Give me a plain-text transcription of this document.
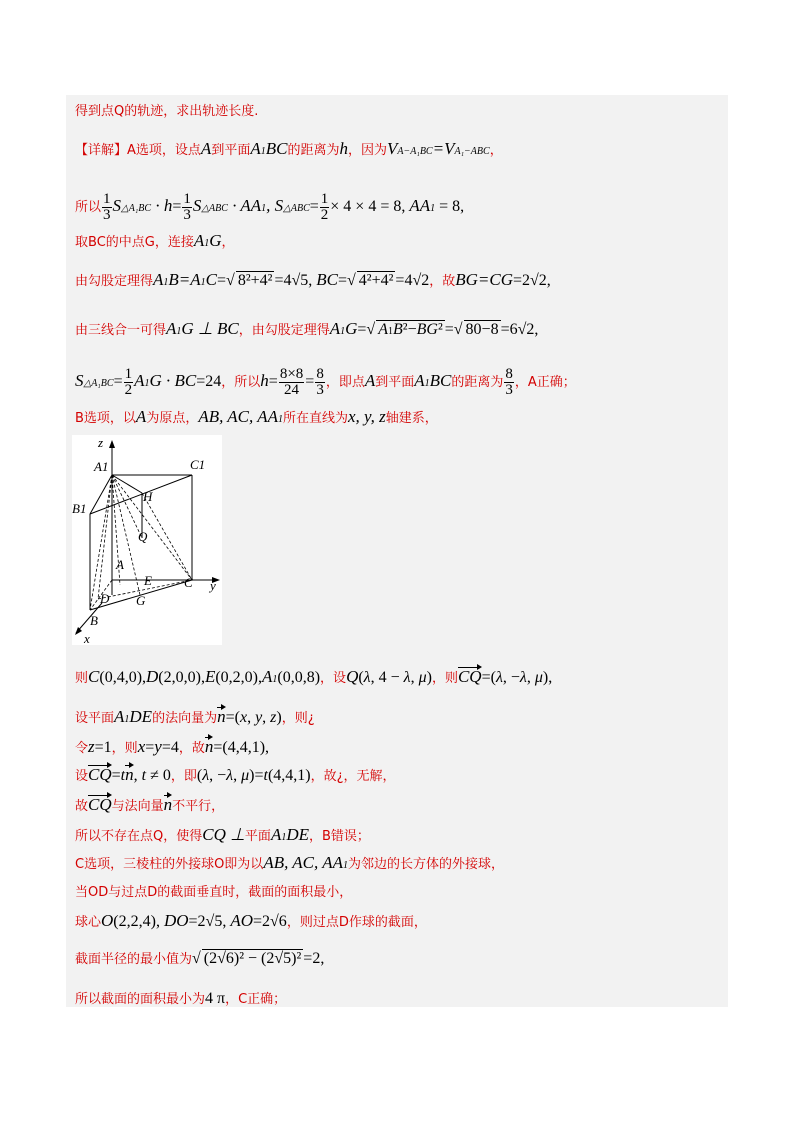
得到点Q的轨迹，求出轨迹长度.
【详解】A选项，设点A到平面A1BC的距离为h，因为VA−A₁BC=VA₁−ABC，
所以 $\frac{1}{3}$ S△A₁BC · $h= \frac{1}{3}$ S△ABC · AA1, S△ABC= $\frac{1}{2} \times 4 \times 4 = 8$, AA1 = 8,
取BC的中点G，连接A1G，
由勾股定理得A1B=A1C=√ 8²+4² =4√5, BC=√ 4²+4² =4√2，故BG=CG=2√2,
由三线合一可得A1G ⊥ BC，由勾股定理得A1G=√ A1B²−BG² =√ 80−8 =6√2,
S△A₁BC= $\frac{1}{2} A1G \cdot BC=24$，所以$h= \frac{8\times 8}{24} = \frac{8}{3}$ ，即点A到平面A1BC的距离为 $\frac{8}{3}$ ，A正确；
B选项，以A为原点，AB, AC, AA1所在直线为x, y, z轴建系，
z
A1	C1
B1
H
Q
A
E C y
D G
B
x
则C(0,4,0),D(2,0,0),E(0,2,0),A1(0,0,8)，设Q(λ, 4 − λ, μ)，则CQ=(λ, −λ, μ),
设平面A1DE的法向量为n=(x, y, z)，则¿
令z=1，则x=y=4，故n=(4,4,1),
设CQ=tn, t ≠ 0，即(λ, −λ, μ)=t(4,4,1)，故¿，无解，
故CQ与法向量n不平行，
所以不存在点Q，使得CQ ⊥平面A1DE，B错误；
C选项，三棱柱的外接球O即为以AB, AC, AA1为邻边的长方体的外接球，
当OD与过点D的截面垂直时，截面的面积最小，
球心O(2,2,4), DO=2√5, AO=2√6，则过点D作球的截面，
截面半径的最小值为√ (2√6)² − (2√5)² =2,
所以截面的面积最小为4 π，C正确；
